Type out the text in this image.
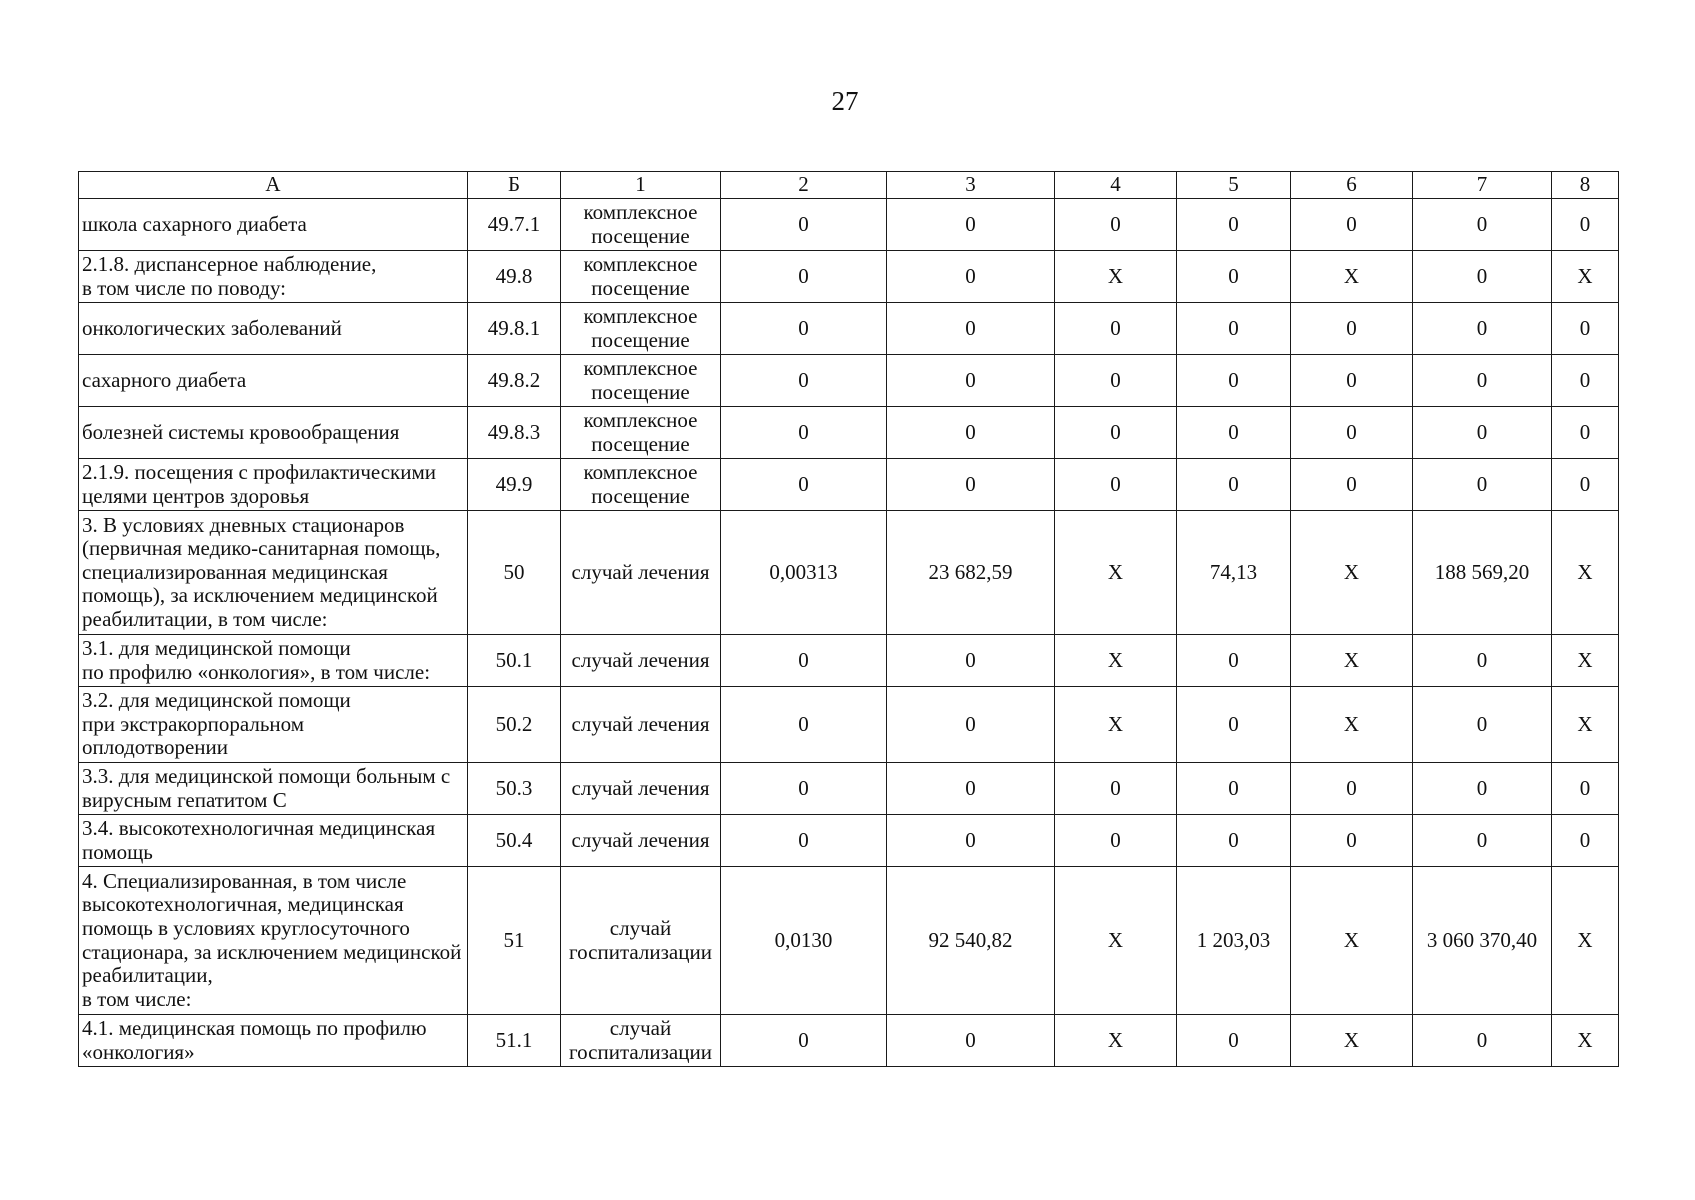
27
А	Б	1	2	3	4	5	6	7	8
школа сахарного диабета	49.7.1	комплексное посещение	0	0	0	0	0	0	0
2.1.8. диспансерное наблюдение,
в том числе по поводу:	49.8	комплексное посещение	0	0	X	0	X	0	X
онкологических заболеваний	49.8.1	комплексное посещение	0	0	0	0	0	0	0
сахарного диабета	49.8.2	комплексное посещение	0	0	0	0	0	0	0
болезней системы кровообращения	49.8.3	комплексное посещение	0	0	0	0	0	0	0
2.1.9. посещения с профилактическими целями центров здоровья	49.9	комплексное посещение	0	0	0	0	0	0	0
3. В условиях дневных стационаров (первичная медико-санитарная помощь, специализированная медицинская помощь), за исключением медицинской реабилитации, в том числе:	50	случай лечения	0,00313	23 682,59	X	74,13	X	188 569,20	X
3.1. для медицинской помощи
по профилю «онкология», в том числе:	50.1	случай лечения	0	0	X	0	X	0	X
3.2. для медицинской помощи
при экстракорпоральном
оплодотворении	50.2	случай лечения	0	0	X	0	X	0	X
3.3. для медицинской помощи больным с вирусным гепатитом С	50.3	случай лечения	0	0	0	0	0	0	0
3.4. высокотехнологичная медицинская помощь	50.4	случай лечения	0	0	0	0	0	0	0
4. Специализированная, в том числе высокотехнологичная, медицинская помощь в условиях круглосуточного стационара, за исключением медицинской реабилитации,
в том числе:	51	случай госпитализации	0,0130	92 540,82	X	1 203,03	X	3 060 370,40	X
4.1. медицинская помощь по профилю «онкология»	51.1	случай госпитализации	0	0	X	0	X	0	X
